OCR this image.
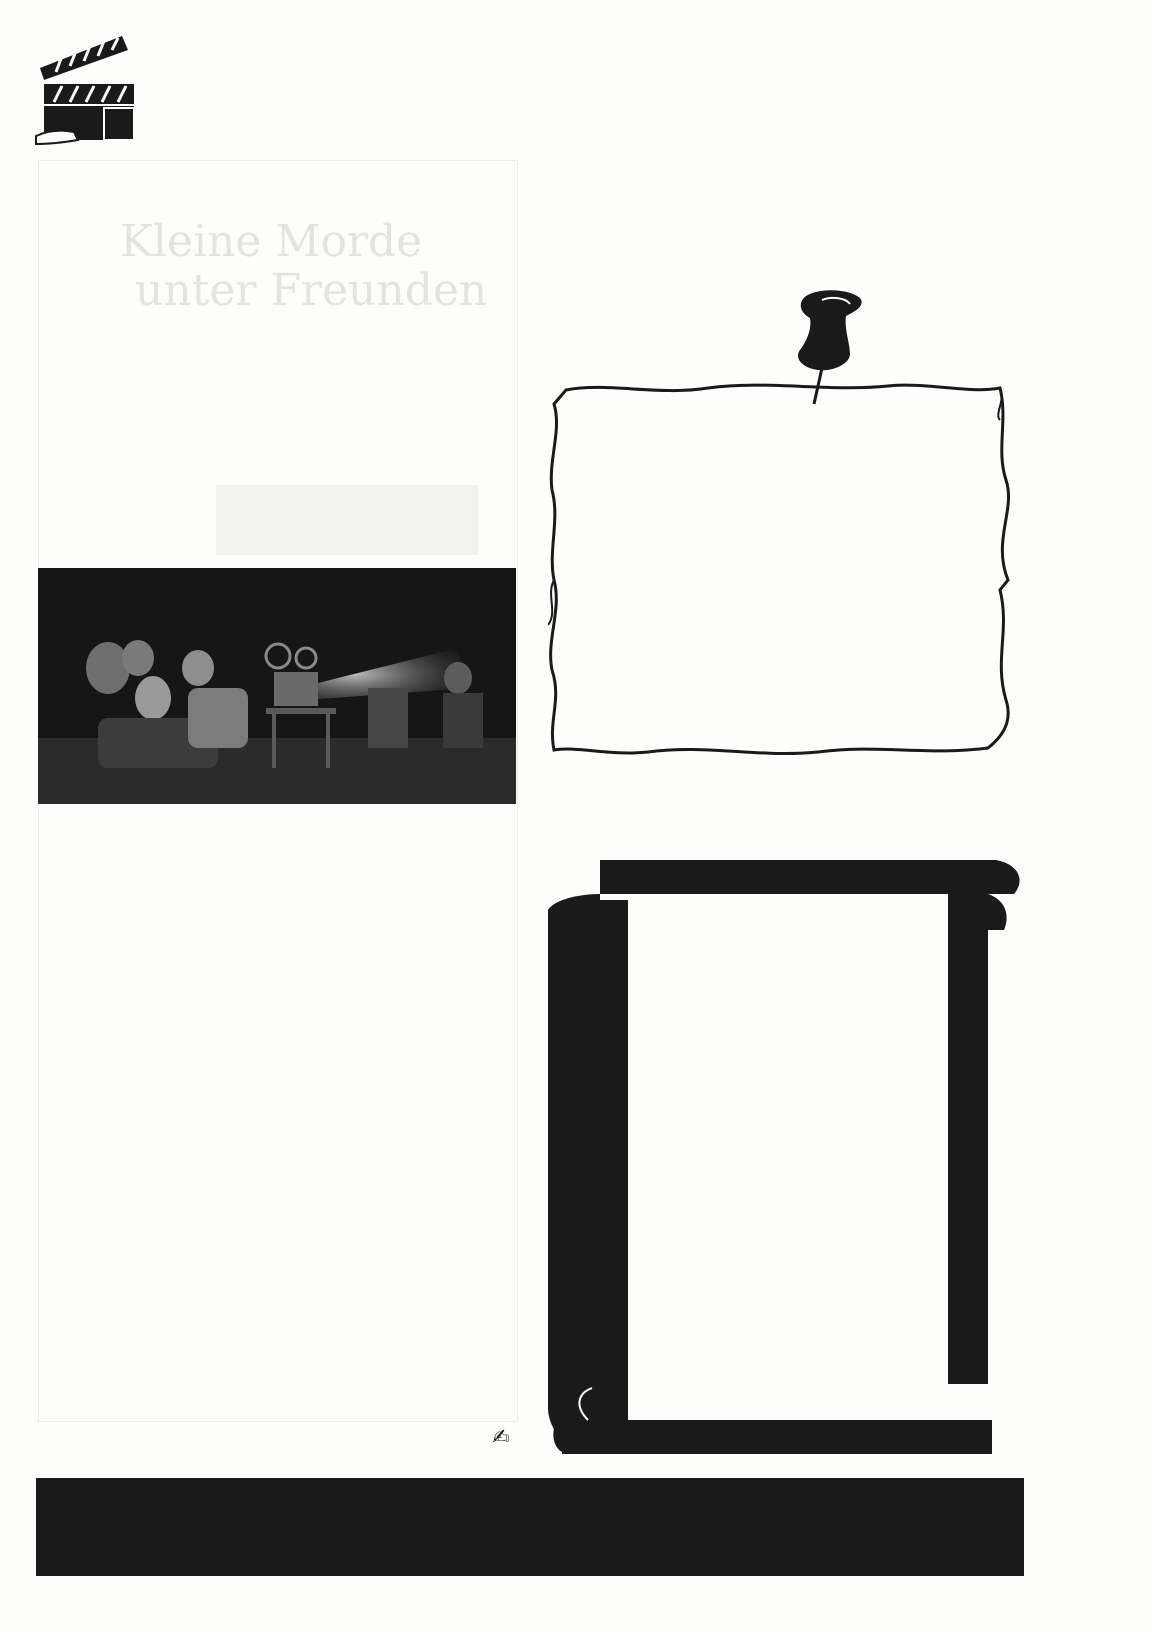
Kleine Morde
unter Freunden

✍
